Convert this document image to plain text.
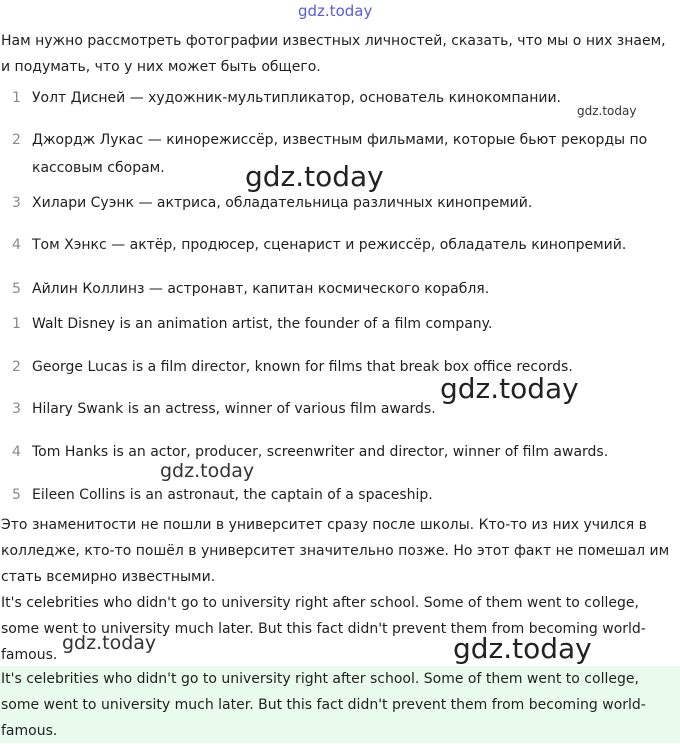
gdz.today

Нам нужно рассмотреть фотографии известных личностей, сказать, что мы о них знаем, и подумать, что у них может быть общего.

1 Уолт Дисней — художник-мультипликатор, основатель кинокомпании.
2 Джордж Лукас — кинорежиссёр, известным фильмами, которые бьют рекорды по кассовым сборам.
3 Хилари Суэнк — актриса, обладательница различных кинопремий.
4 Том Хэнкс — актёр, продюсер, сценарист и режиссёр, обладатель кинопремий.
5 Айлин Коллинз — астронавт, капитан космического корабля.
1 Walt Disney is an animation artist, the founder of a film company.
2 George Lucas is a film director, known for films that break box office records.
3 Hilary Swank is an actress, winner of various film awards.
4 Tom Hanks is an actor, producer, screenwriter and director, winner of film awards.
5 Eileen Collins is an astronaut, the captain of a spaceship.

Это знаменитости не пошли в университет сразу после школы. Кто-то из них учился в колледже, кто-то пошёл в университет значительно позже. Но этот факт не помешал им стать всемирно известными.

It's celebrities who didn't go to university right after school. Some of them went to college, some went to university much later. But this fact didn't prevent them from becoming world-famous.

It's celebrities who didn't go to university right after school. Some of them went to college, some went to university much later. But this fact didn't prevent them from becoming world-famous.

gdz.today
gdz.today
gdz.today
gdz.today
gdz.today	gdz.today
